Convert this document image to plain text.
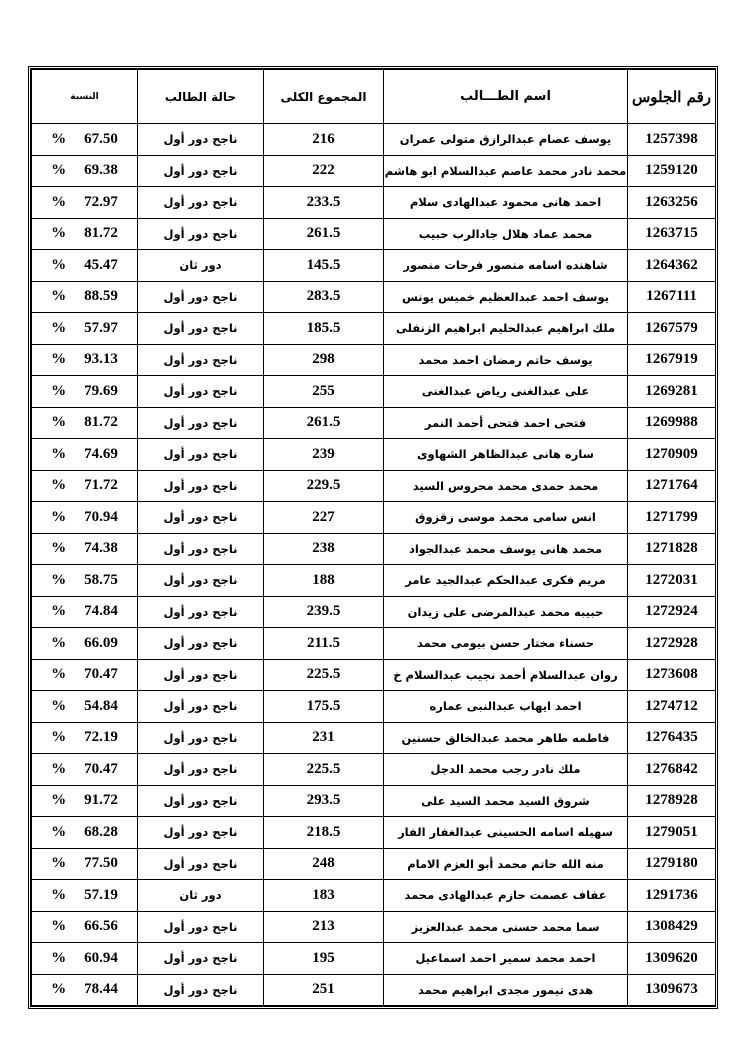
رقم الجلوس	اسم الطـــالب	المجموع الكلى	حالة الطالب	النسبة
1257398	يوسف عصام عبدالرازق متولى عمران	216	ناجح دور أول	% 67.50
1259120	محمد نادر محمد عاصم عبدالسلام ابو هاشم	222	ناجح دور أول	% 69.38
1263256	احمد هانى محمود عبدالهادى سلام	233.5	ناجح دور أول	% 72.97
1263715	محمد عماد هلال جادالرب حبيب	261.5	ناجح دور أول	% 81.72
1264362	شاهنده اسامه منصور فرحات منصور	145.5	دور ثان	% 45.47
1267111	يوسف احمد عبدالعظيم خميس يونس	283.5	ناجح دور أول	% 88.59
1267579	ملك ابراهيم عبدالحليم ابراهيم الزنفلى	185.5	ناجح دور أول	% 57.97
1267919	يوسف حاتم رمضان احمد محمد	298	ناجح دور أول	% 93.13
1269281	على عبدالغنى رياض عبدالغنى	255	ناجح دور أول	% 79.69
1269988	فتحى احمد فتحى أحمد النمر	261.5	ناجح دور أول	% 81.72
1270909	ساره هانى عبدالظاهر الشهاوى	239	ناجح دور أول	% 74.69
1271764	محمد حمدى محمد محروس السيد	229.5	ناجح دور أول	% 71.72
1271799	انس سامى محمد موسى زقزوق	227	ناجح دور أول	% 70.94
1271828	محمد هانى يوسف محمد عبدالجواد	238	ناجح دور أول	% 74.38
1272031	مريم فكرى عبدالحكم عبدالجيد عامر	188	ناجح دور أول	% 58.75
1272924	حبيبه محمد عبدالمرضى على زيدان	239.5	ناجح دور أول	% 74.84
1272928	حسناء مختار حسن بيومى محمد	211.5	ناجح دور أول	% 66.09
1273608	روان عبدالسلام أحمد نجيب عبدالسلام خ	225.5	ناجح دور أول	% 70.47
1274712	احمد ايهاب عبدالنبى عماره	175.5	ناجح دور أول	% 54.84
1276435	فاطمه طاهر محمد عبدالخالق حسنين	231	ناجح دور أول	% 72.19
1276842	ملك نادر رجب محمد الدجل	225.5	ناجح دور أول	% 70.47
1278928	شروق السيد محمد السيد على	293.5	ناجح دور أول	% 91.72
1279051	سهيله اسامه الحسينى عبدالغفار الفار	218.5	ناجح دور أول	% 68.28
1279180	منه الله حاتم محمد أبو العزم الامام	248	ناجح دور أول	% 77.50
1291736	عفاف عصمت حازم عبدالهادى محمد	183	دور ثان	% 57.19
1308429	سما محمد حسنى محمد عبدالعزيز	213	ناجح دور أول	% 66.56
1309620	احمد محمد سمير احمد اسماعيل	195	ناجح دور أول	% 60.94
1309673	هدى تيمور مجدى ابراهيم محمد	251	ناجح دور أول	% 78.44
